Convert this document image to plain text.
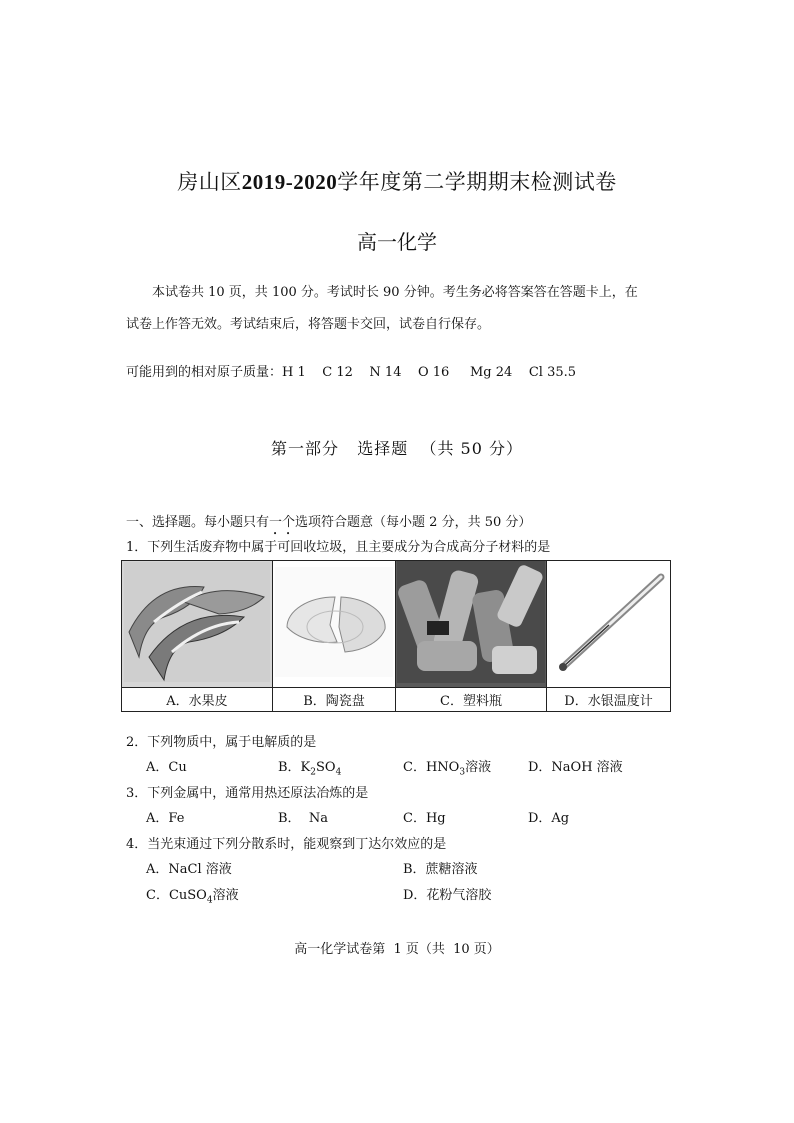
房山区2019-2020学年度第二学期期末检测试卷
高一化学
本试卷共 10 页，共 100 分。考试时长 90 分钟。考生务必将答案答在答题卡上，在
试卷上作答无效。考试结束后，将答题卡交回，试卷自行保存。
可能用到的相对原子质量：H 1    C 12    N 14    O 16     Mg 24    Cl 35.5
第一部分   选择题  （共 50 分）
一、选择题。每小题只有一个选项符合题意（每小题 2 分，共 50 分）
1．下列生活废弃物中属于可回收垃圾，且主要成分为合成高分子材料的是

A．水果皮	B．陶瓷盘	C．塑料瓶	D．水银温度计
2．下列物质中，属于电解质的是
A．Cu	B．$K_2SO_4$	C．$HNO_3$溶液	D．NaOH 溶液
3．下列金属中，通常用热还原法冶炼的是
A．Fe	B．  Na	C．Hg	D．Ag
4．当光束通过下列分散系时，能观察到丁达尔效应的是
A．NaCl 溶液	B．蔗糖溶液
C．CuSO$_4$溶液	D．花粉气溶胶
高一化学试卷第  1 页（共  10 页）
